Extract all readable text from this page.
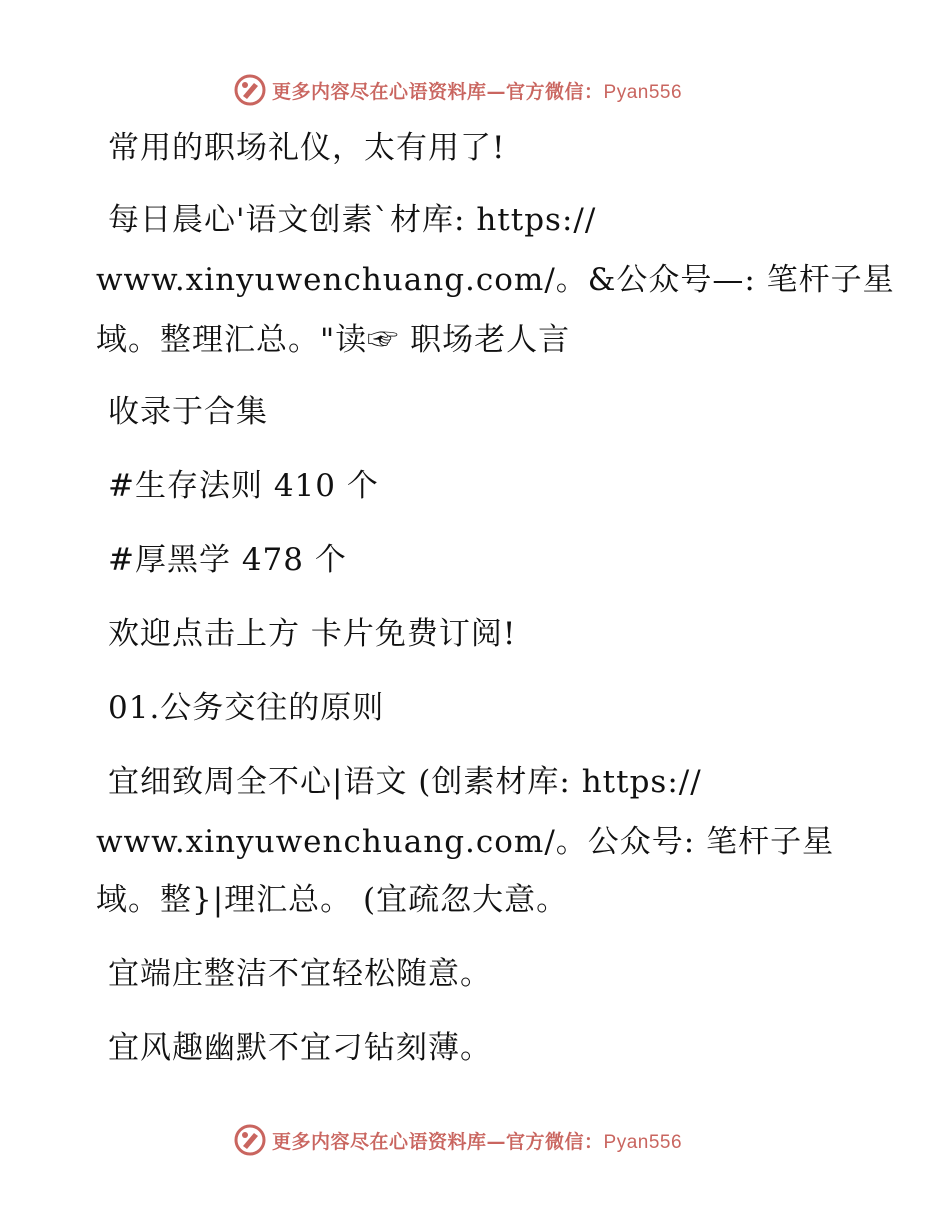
更多内容尽在心语资料库—官方微信：Pyan556
常用的职场礼仪，太有用了!
每日晨心'语文创素`材库: https://
www.xinyuwenchuang.com/。&公众号—: 笔杆子星
域。整理汇总。"读☞ 职场老人言
收录于合集
#生存法则 410 个
#厚黑学 478 个
欢迎点击上方 卡片免费订阅!
01.公务交往的原则
宜细致周全不心|语文 (创素材库: https://
www.xinyuwenchuang.com/。公众号: 笔杆子星
域。整}|理汇总。 (宜疏忽大意。
宜端庄整洁不宜轻松随意。
宜风趣幽默不宜刁钻刻薄。
更多内容尽在心语资料库—官方微信：Pyan556
